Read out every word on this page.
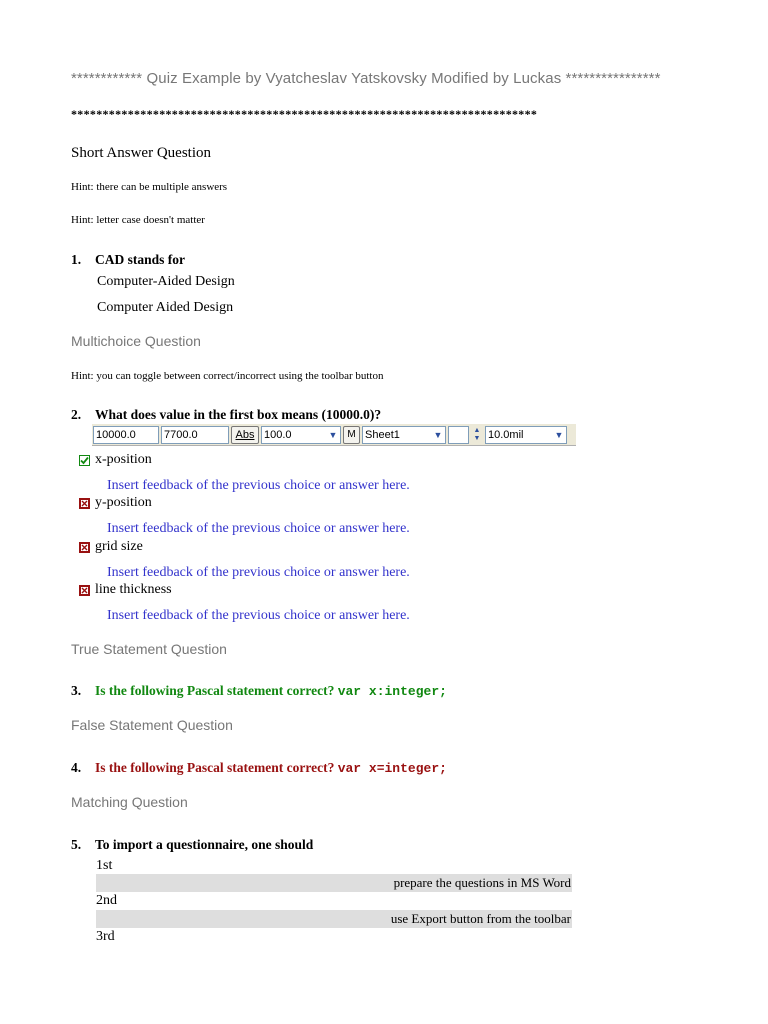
************ Quiz Example by Vyatcheslav Yatskovsky Modified by Luckas ****************
**************************************************************************
Short Answer Question
Hint: there can be multiple answers
Hint: letter case doesn't matter
1. CAD stands for
Computer-Aided Design
Computer Aided Design
Multichoice Question
Hint: you can toggle between correct/incorrect using the toolbar button
2. What does value in the first box means (10000.0)?
10000.0	7700.0	Abs 100.0	▼ M Sheet1	▼	▲
▼ 10.0mil	▼
x-position
Insert feedback of the previous choice or answer here.
y-position
Insert feedback of the previous choice or answer here.
grid size
Insert feedback of the previous choice or answer here.
line thickness
Insert feedback of the previous choice or answer here.
True Statement Question
3. Is the following Pascal statement correct? var x:integer;
False Statement Question
4. Is the following Pascal statement correct? var x=integer;
Matching Question
5. To import a questionnaire, one should
1st
prepare the questions in MS Word
2nd
use Export button from the toolbar
3rd
